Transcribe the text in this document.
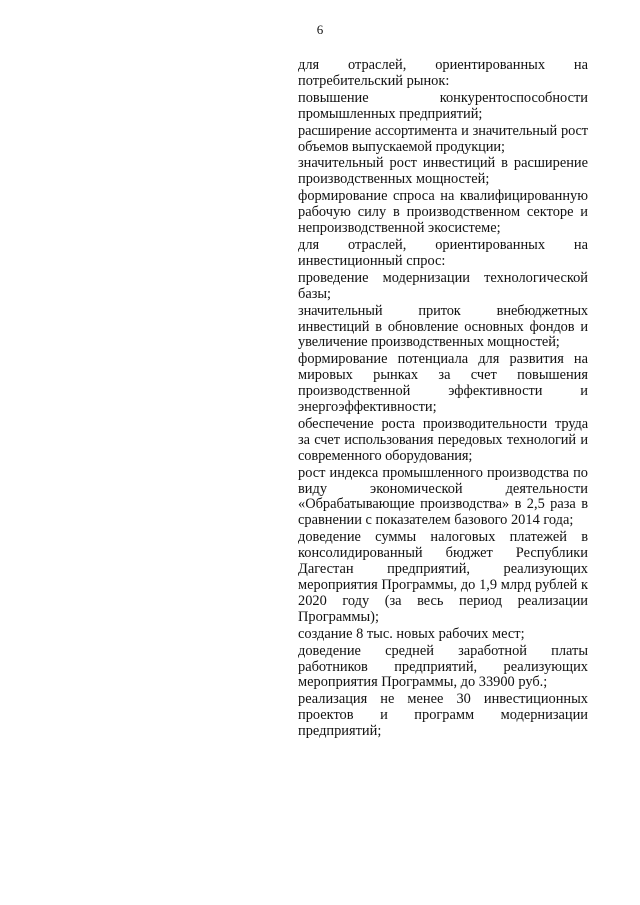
6

для отраслей, ориентированных на потребительский рынок:

повышение конкурентоспособности промышленных предприятий;

расширение ассортимента и значительный рост объемов выпускаемой продукции;

значительный рост инвестиций в расширение производственных мощностей;

формирование спроса на квалифицированную рабочую силу в производственном секторе и непроизводственной экосистеме;

для отраслей, ориентированных на инвестиционный спрос:

проведение модернизации технологической базы;

значительный приток внебюджетных инвестиций в обновление основных фондов и увеличение производственных мощностей;

формирование потенциала для развития на мировых рынках за счет повышения производственной эффективности и энергоэффективности;

обеспечение роста производительности труда за счет использования передовых технологий и современного оборудования;

рост индекса промышленного производства по виду экономической деятельности «Обрабатывающие производства» в 2,5 раза в сравнении с показателем базового 2014 года;

доведение суммы налоговых платежей в консолидированный бюджет Республики Дагестан предприятий, реализующих мероприятия Программы, до 1,9 млрд рублей к 2020 году (за весь период реализации Программы);

создание 8 тыс. новых рабочих мест;

доведение средней заработной платы работников предприятий, реализующих мероприятия Программы, до 33900 руб.;

реализация не менее 30 инвестиционных проектов и программ модернизации предприятий;
